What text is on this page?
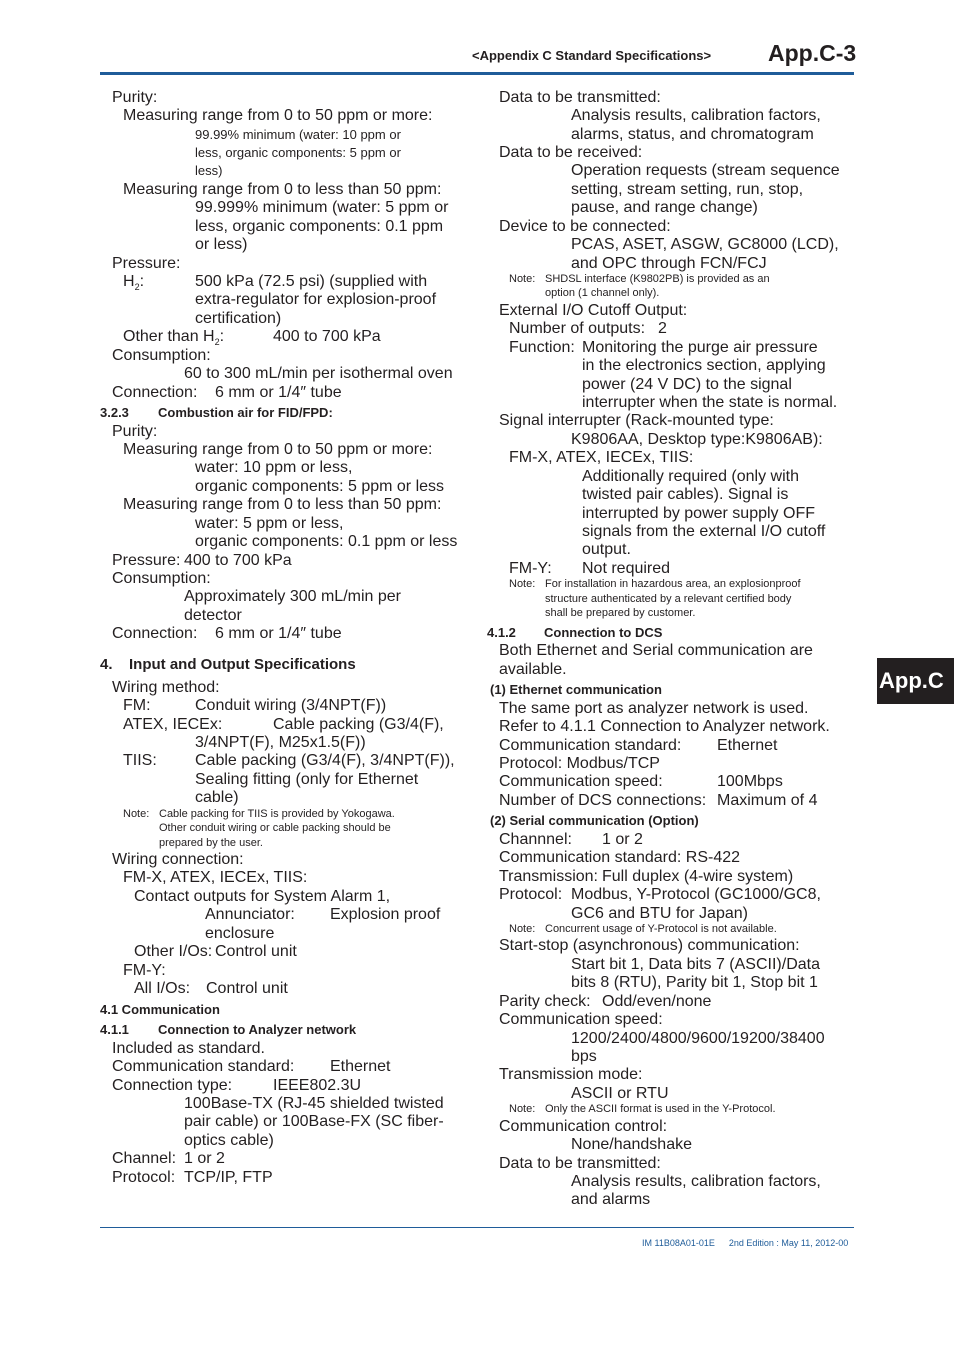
<Appendix C Standard Specifications> App.C-3
Purity:
Measuring range from 0 to 50 ppm or more:
99.99% minimum (water: 10 ppm or
less, organic components: 5 ppm or
less)
Measuring range from 0 to less than 50 ppm:
99.999% minimum (water: 5 ppm or
less, organic components: 0.1 ppm
or less)
Pressure:
$H_2$:	500 kPa (72.5 psi) (supplied with
extra-regulator for explosion-proof
certification)
Other than $H_2$:	400 to 700 kPa
Consumption:
60 to 300 mL/min per isothermal oven
Connection: 6 mm or 1/4″ tube
3.2.3 Combustion air for FID/FPD:
Purity:
Measuring range from 0 to 50 ppm or more:
water: 10 ppm or less,
organic components: 5 ppm or less
Measuring range from 0 to less than 50 ppm:
water: 5 ppm or less,
organic components: 0.1 ppm or less
Pressure: 400 to 700 kPa
Consumption:
Approximately 300 mL/min per
detector
Connection: 6 mm or 1/4″ tube
4. Input and Output Specifications
Wiring method:
FM:	Conduit wiring (3/4NPT(F))
ATEX, IECEx:	Cable packing (G3/4(F),
3/4NPT(F), M25x1.5(F))
TIIS: Cable packing (G3/4(F), 3/4NPT(F)),
Sealing fitting (only for Ethernet
cable)
Note: Cable packing for TIIS is provided by Yokogawa.
Other conduit wiring or cable packing should be
prepared by the user.
Wiring connection:
FM-X, ATEX, IECEx, TIIS:
Contact outputs for System Alarm 1,
Annunciator: Explosion proof
enclosure
Other I/Os: Control unit
FM-Y:
All I/Os: Control unit
4.1 Communication
4.1.1 Connection to Analyzer network
Included as standard.
Communication standard: Ethernet
Connection type:	IEEE802.3U
100Base-TX (RJ-45 shielded twisted
pair cable) or 100Base-FX (SC fiber-
optics cable)
Channel: 1 or 2
Protocol: TCP/IP, FTP
Data to be transmitted:
Analysis results, calibration factors,
alarms, status, and chromatogram
Data to be received:
Operation requests (stream sequence
setting, stream setting, run, stop,
pause, and range change)
Device to be connected:
PCAS, ASET, ASGW, GC8000 (LCD),
and OPC through FCN/FCJ
Note: SHDSL interface (K9802PB) is provided as an
option (1 channel only).
External I/O Cutoff Output:
Number of outputs: 2
Function: Monitoring the purge air pressure
in the electronics section, applying
power (24 V DC) to the signal
interrupter when the state is normal.
Signal interrupter (Rack-mounted type:
K9806AA, Desktop type:K9806AB):
FM-X, ATEX, IECEx, TIIS:
Additionally required (only with
twisted pair cables). Signal is
interrupted by power supply OFF
signals from the external I/O cutoff
output.
FM-Y: Not required
Note: For installation in hazardous area, an explosionproof
structure authenticated by a relevant certified body
shall be prepared by customer.
4.1.2 Connection to DCS
Both Ethernet and Serial communication are
available.
(1) Ethernet communication
The same port as analyzer network is used.
Refer to 4.1.1 Connection to Analyzer network.
Communication standard: Ethernet
Protocol: Modbus/TCP
Communication speed:	100Mbps
Number of DCS connections: Maximum of 4
(2) Serial communication (Option)
Channnel: 1 or 2
Communication standard: RS-422
Transmission: Full duplex (4-wire system)
Protocol: Modbus, Y-Protocol (GC1000/GC8,
GC6 and BTU for Japan)
Note: Concurrent usage of Y-Protocol is not available.
Start-stop (asynchronous) communication:
Start bit 1, Data bits 7 (ASCII)/Data
bits 8 (RTU), Parity bit 1, Stop bit 1
Parity check: Odd/even/none
Communication speed:
1200/2400/4800/9600/19200/38400
bps
Transmission mode:
ASCII or RTU
Note: Only the ASCII format is used in the Y-Protocol.
Communication control:
None/handshake
Data to be transmitted:
Analysis results, calibration factors,
and alarms
App.C
IM 11B08A01-01E 2nd Edition : May 11, 2012-00
